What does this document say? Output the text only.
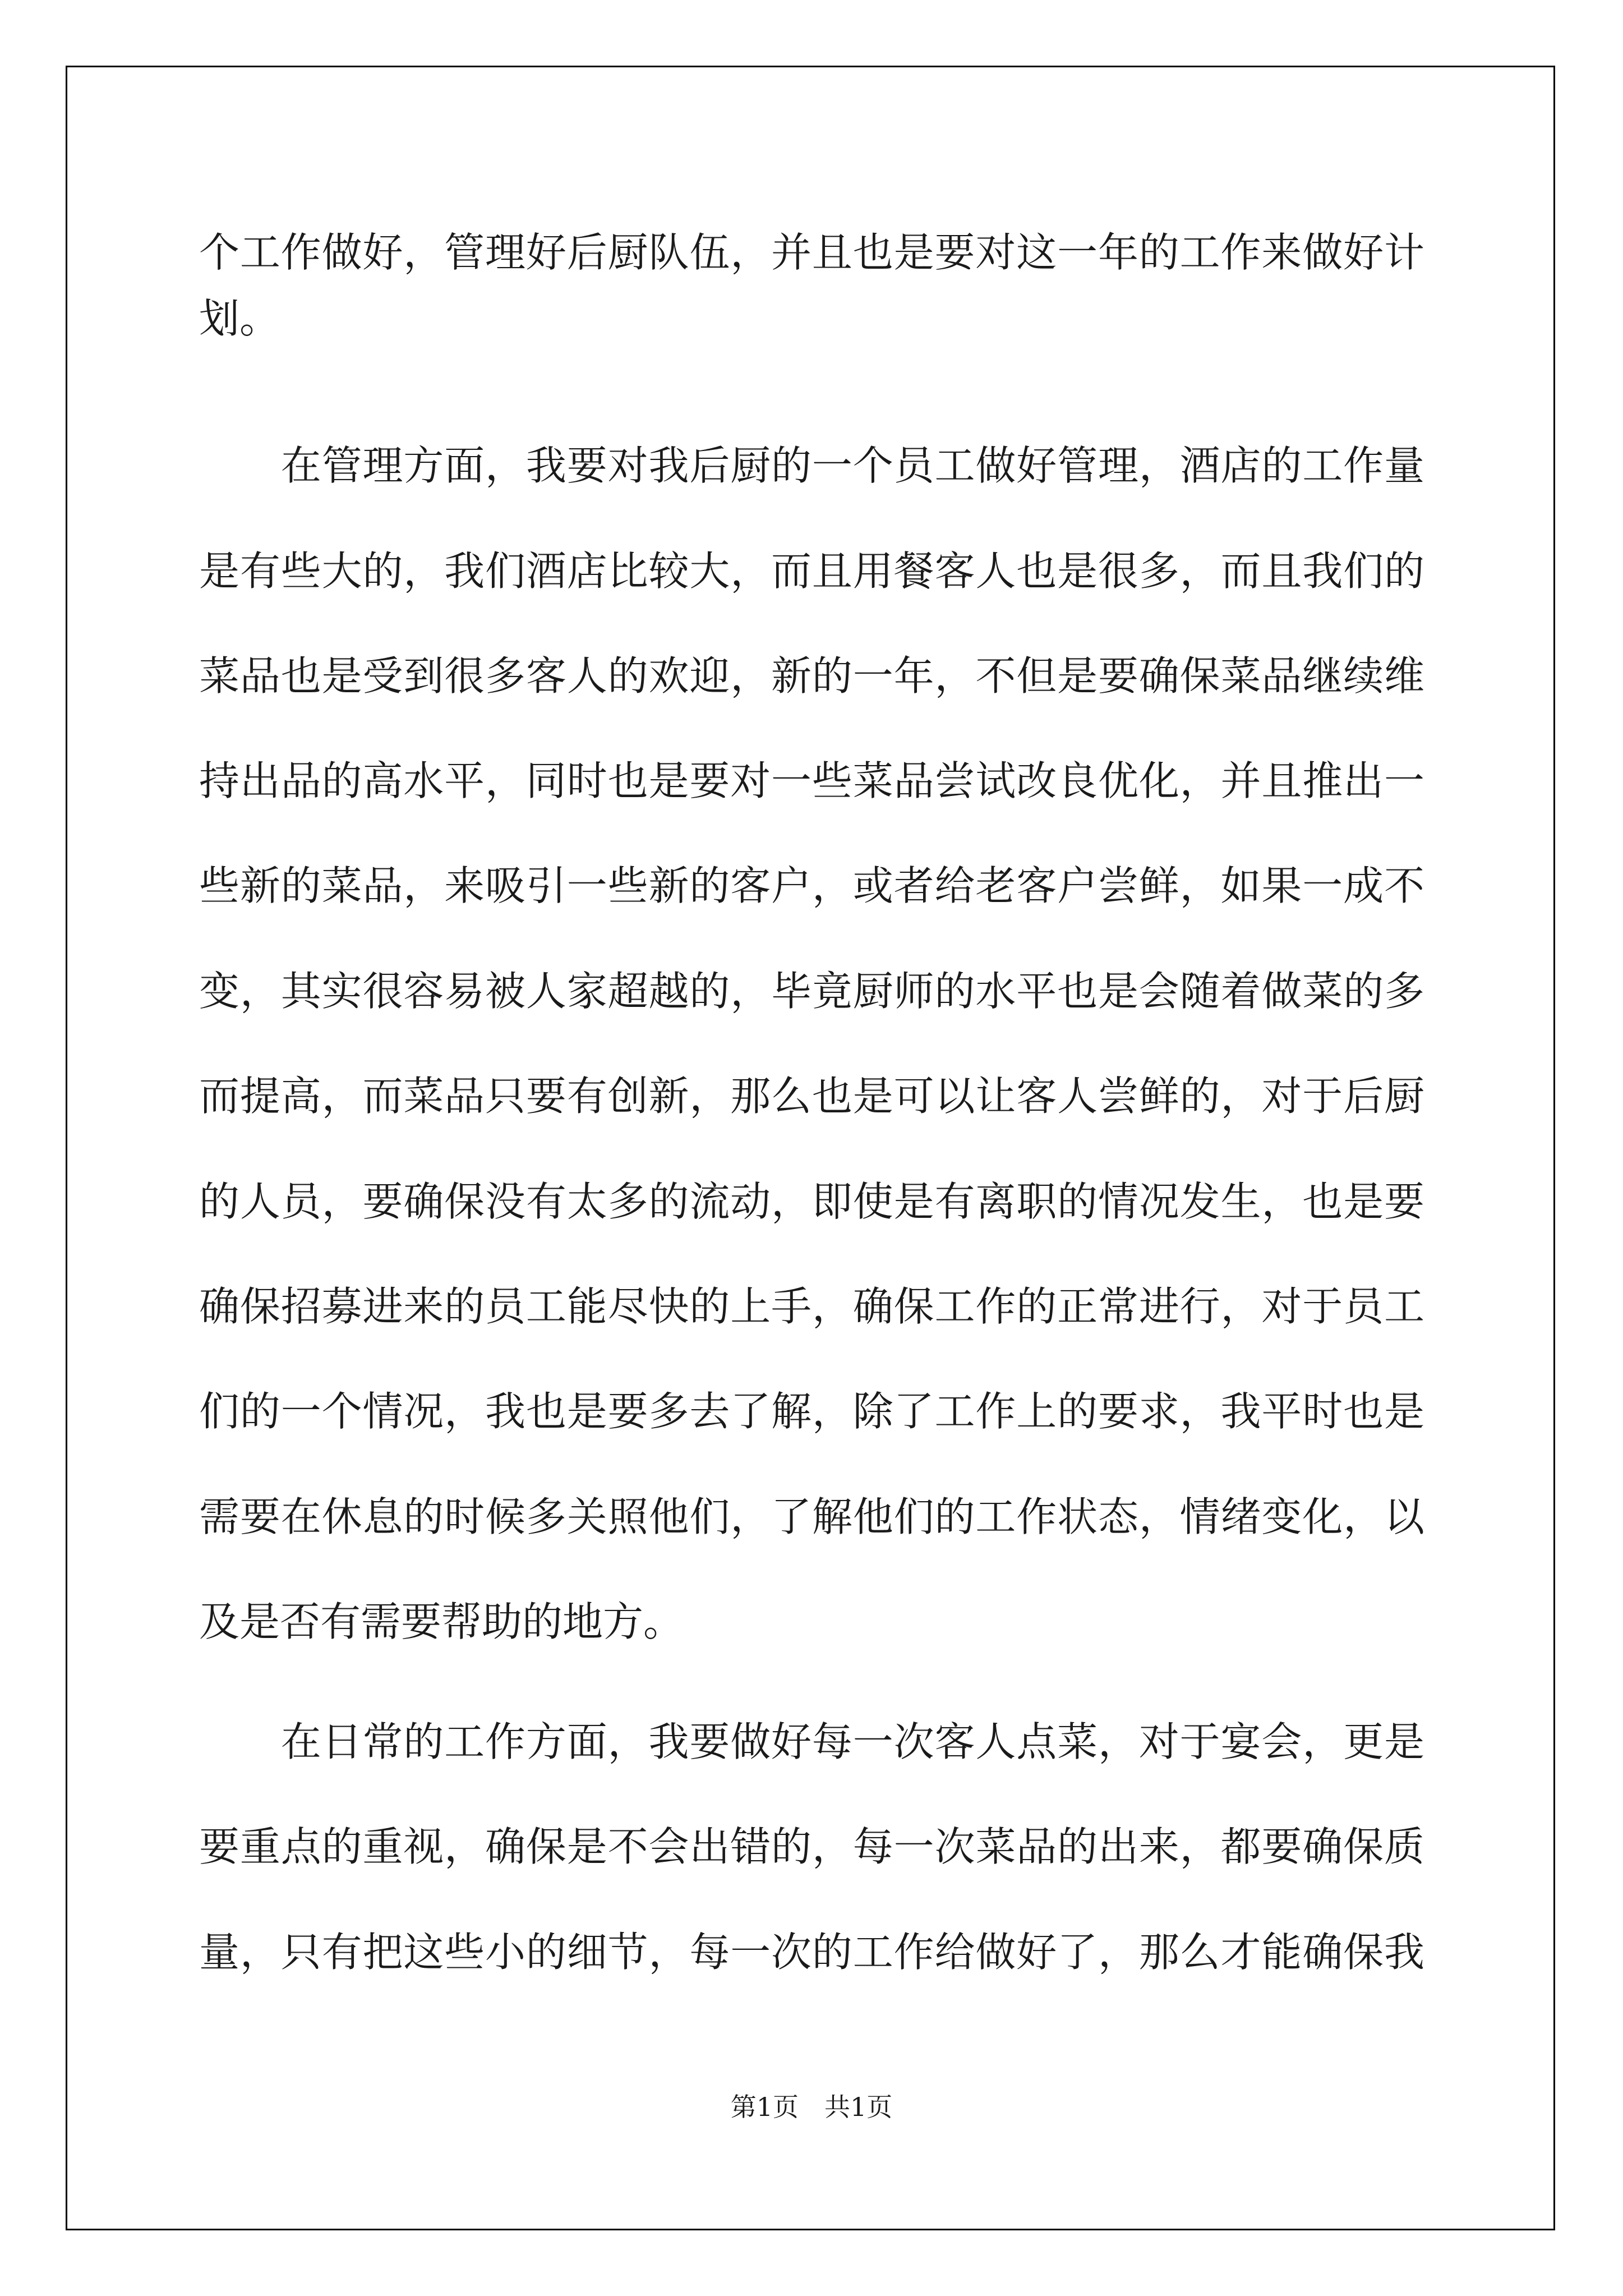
个工作做好，管理好后厨队伍，并且也是要对这一年的工作来做好计
划。
　　在管理方面，我要对我后厨的一个员工做好管理，酒店的工作量
是有些大的，我们酒店比较大，而且用餐客人也是很多，而且我们的
菜品也是受到很多客人的欢迎，新的一年，不但是要确保菜品继续维
持出品的高水平，同时也是要对一些菜品尝试改良优化，并且推出一
些新的菜品，来吸引一些新的客户，或者给老客户尝鲜，如果一成不
变，其实很容易被人家超越的，毕竟厨师的水平也是会随着做菜的多
而提高，而菜品只要有创新，那么也是可以让客人尝鲜的，对于后厨
的人员，要确保没有太多的流动，即使是有离职的情况发生，也是要
确保招募进来的员工能尽快的上手，确保工作的正常进行，对于员工
们的一个情况，我也是要多去了解，除了工作上的要求，我平时也是
需要在休息的时候多关照他们，了解他们的工作状态，情绪变化，以
及是否有需要帮助的地方。
　　在日常的工作方面，我要做好每一次客人点菜，对于宴会，更是
要重点的重视，确保是不会出错的，每一次菜品的出来，都要确保质
量，只有把这些小的细节，每一次的工作给做好了，那么才能确保我
第1页　共1页
